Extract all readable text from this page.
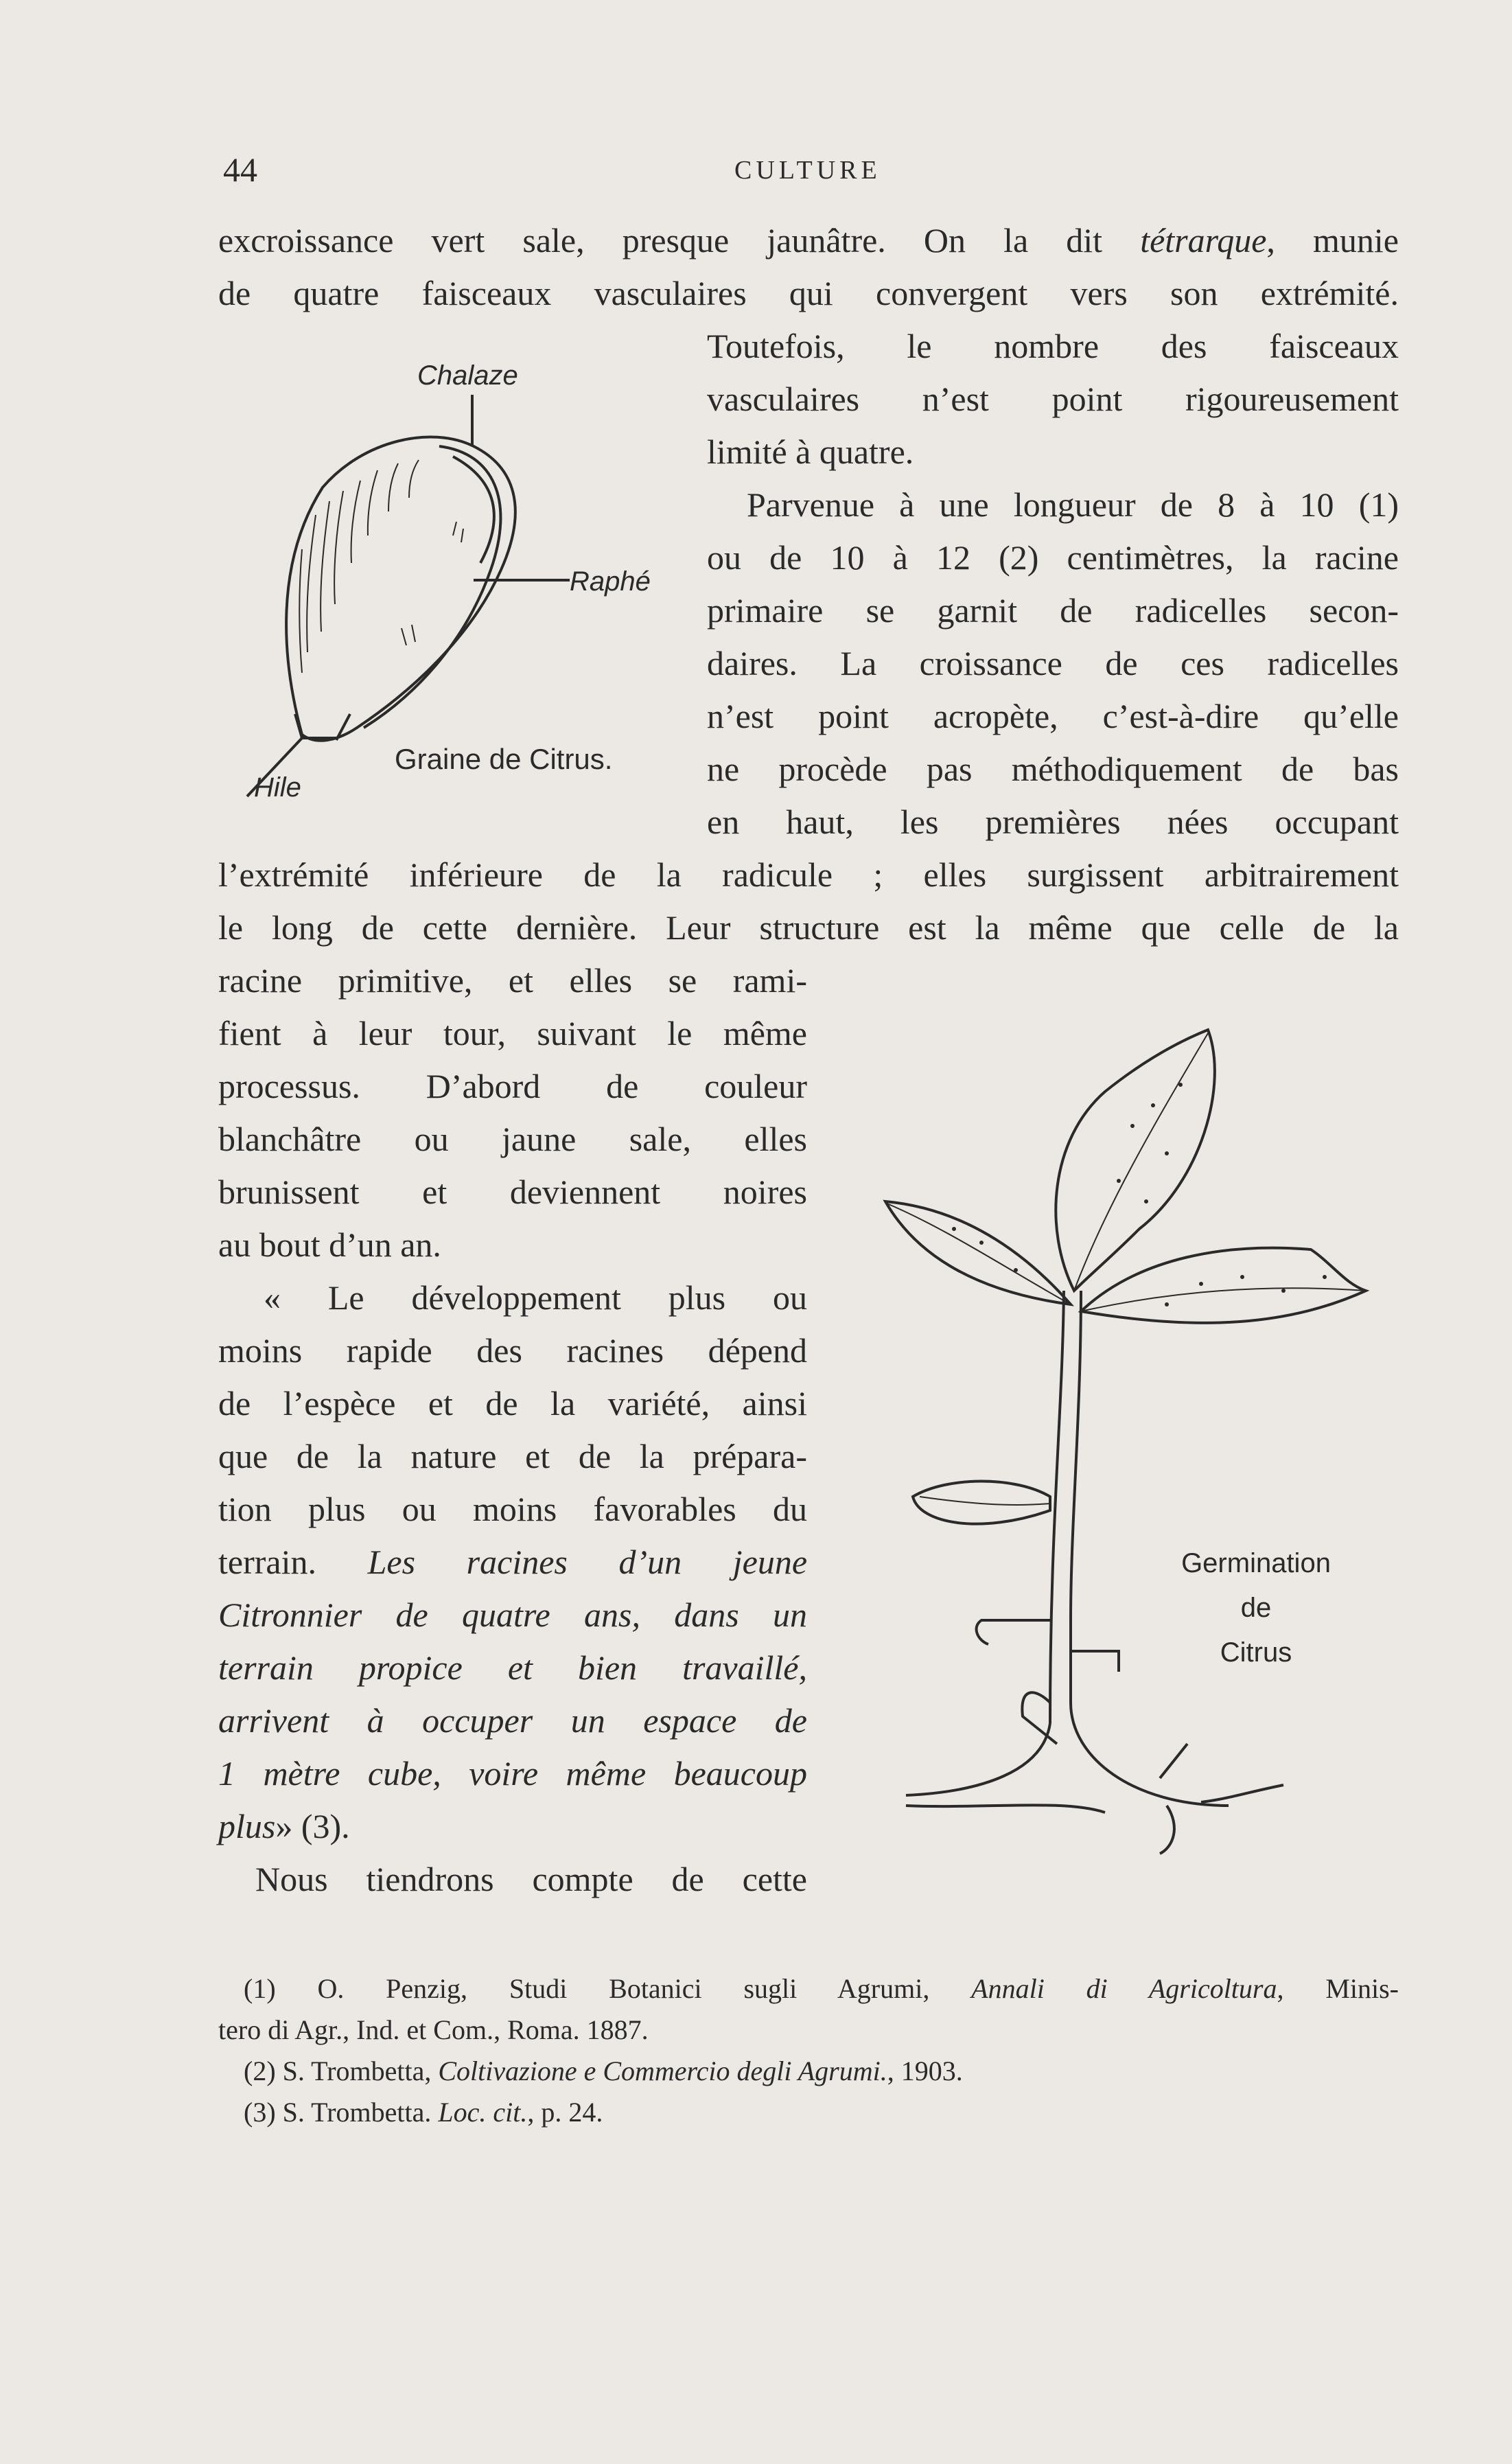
44	CULTURE
excroissance vert sale, presque jaunâtre. On la dit tétrarque, munie
de quatre faisceaux vasculaires qui convergent vers son extrémité.
Toutefois, le nombre des faisceaux
vasculaires n’est point rigoureusement
limité à quatre.
Parvenue à une longueur de 8 à 10 (1)
ou de 10 à 12 (2) centimètres, la racine
primaire se garnit de radicelles secon-
daires. La croissance de ces radicelles
n’est point acropète, c’est-à-dire qu’elle
ne procède pas méthodiquement de bas
en haut, les premières nées occupant
l’extrémité inférieure de la radicule ; elles surgissent arbitrairement
le long de cette dernière. Leur structure est la même que celle de la
racine primitive, et elles se rami-
fient à leur tour, suivant le même
processus. D’abord de couleur
blanchâtre ou jaune sale, elles
brunissent et deviennent noires
au bout d’un an.
« Le développement plus ou
moins rapide des racines dépend
de l’espèce et de la variété, ainsi
que de la nature et de la prépara-
tion plus ou moins favorables du
terrain. Les racines d’un jeune
Citronnier de quatre ans, dans un
terrain propice et bien travaillé,
arrivent à occuper un espace de
1 mètre cube, voire même beaucoup
plus» (3).
Nous tiendrons compte de cette
Chalaze
Raphé
Hile
Graine de Citrus.
Germination
de
Citrus
(1) O. Penzig, Studi Botanici sugli Agrumi, Annali di Agricoltura, Minis-
tero di Agr., Ind. et Com., Roma. 1887.
(2) S. Trombetta, Coltivazione e Commercio degli Agrumi., 1903.
(3) S. Trombetta. Loc. cit., p. 24.
